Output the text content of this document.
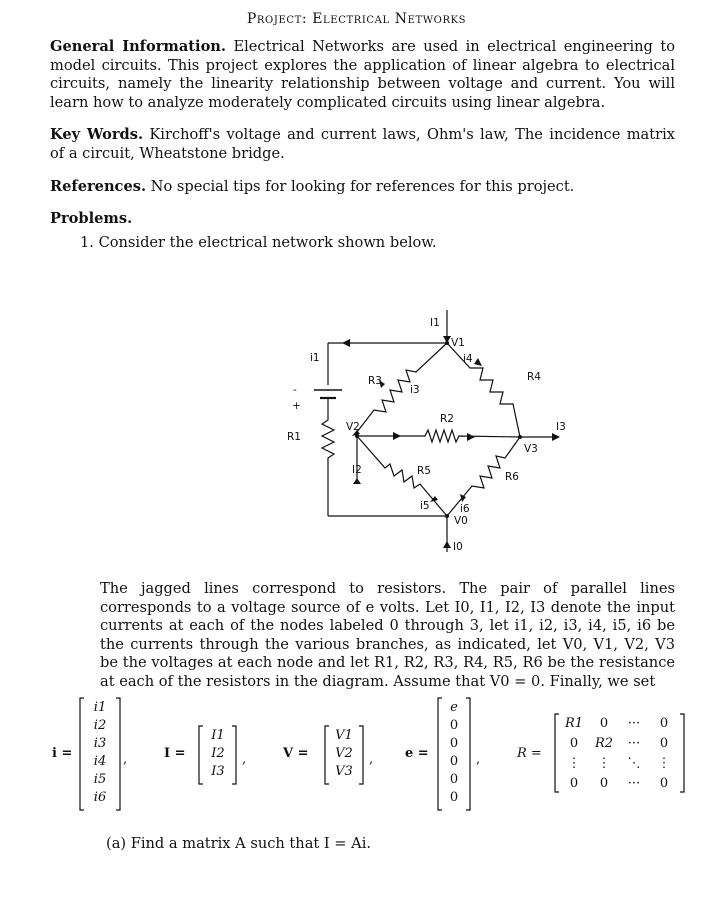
Project: Electrical Networks
General Information. Electrical Networks are used in electrical engineering to model circuits. This project explores the application of linear algebra to electrical circuits, namely the linearity relationship between voltage and current. You will learn how to analyze moderately complicated circuits using linear algebra.
Key Words. Kirchoff's voltage and current laws, Ohm's law, The incidence matrix of a circuit, Wheatstone bridge.
References. No special tips for looking for references for this project.
Problems.
1. Consider the electrical network shown below.
I1
V1
i4
i1
R3
i3
R4
R2
V2
V3
I3
R1
I2	R5	R6
i6
i5
V0
I0
+
-
The jagged lines correspond to resistors. The pair of parallel lines corresponds to a voltage source of e volts. Let I0, I1, I2, I3 denote the input currents at each of the nodes labeled 0 through 3, let i1, i2, i3, i4, i5, i6 be the currents through the various branches, as indicated, let V0, V1, V2, V3 be the voltages at each node and let R1, R2, R3, R4, R5, R6 be the resistance at each of the resistors in the diagram. Assume that V0 = 0. Finally, we set
i =
i1
i2
i3
i4
i5
i6
,	I =
I1
I2
I3
,	V =
V1
V2
V3
, e =
e
0
0
0
0
0
,	R =
R1	0	···	0
0	R2	···	0
⋮	⋮	⋱	⋮
0	0	···	0
(a) Find a matrix A such that I = Ai.
